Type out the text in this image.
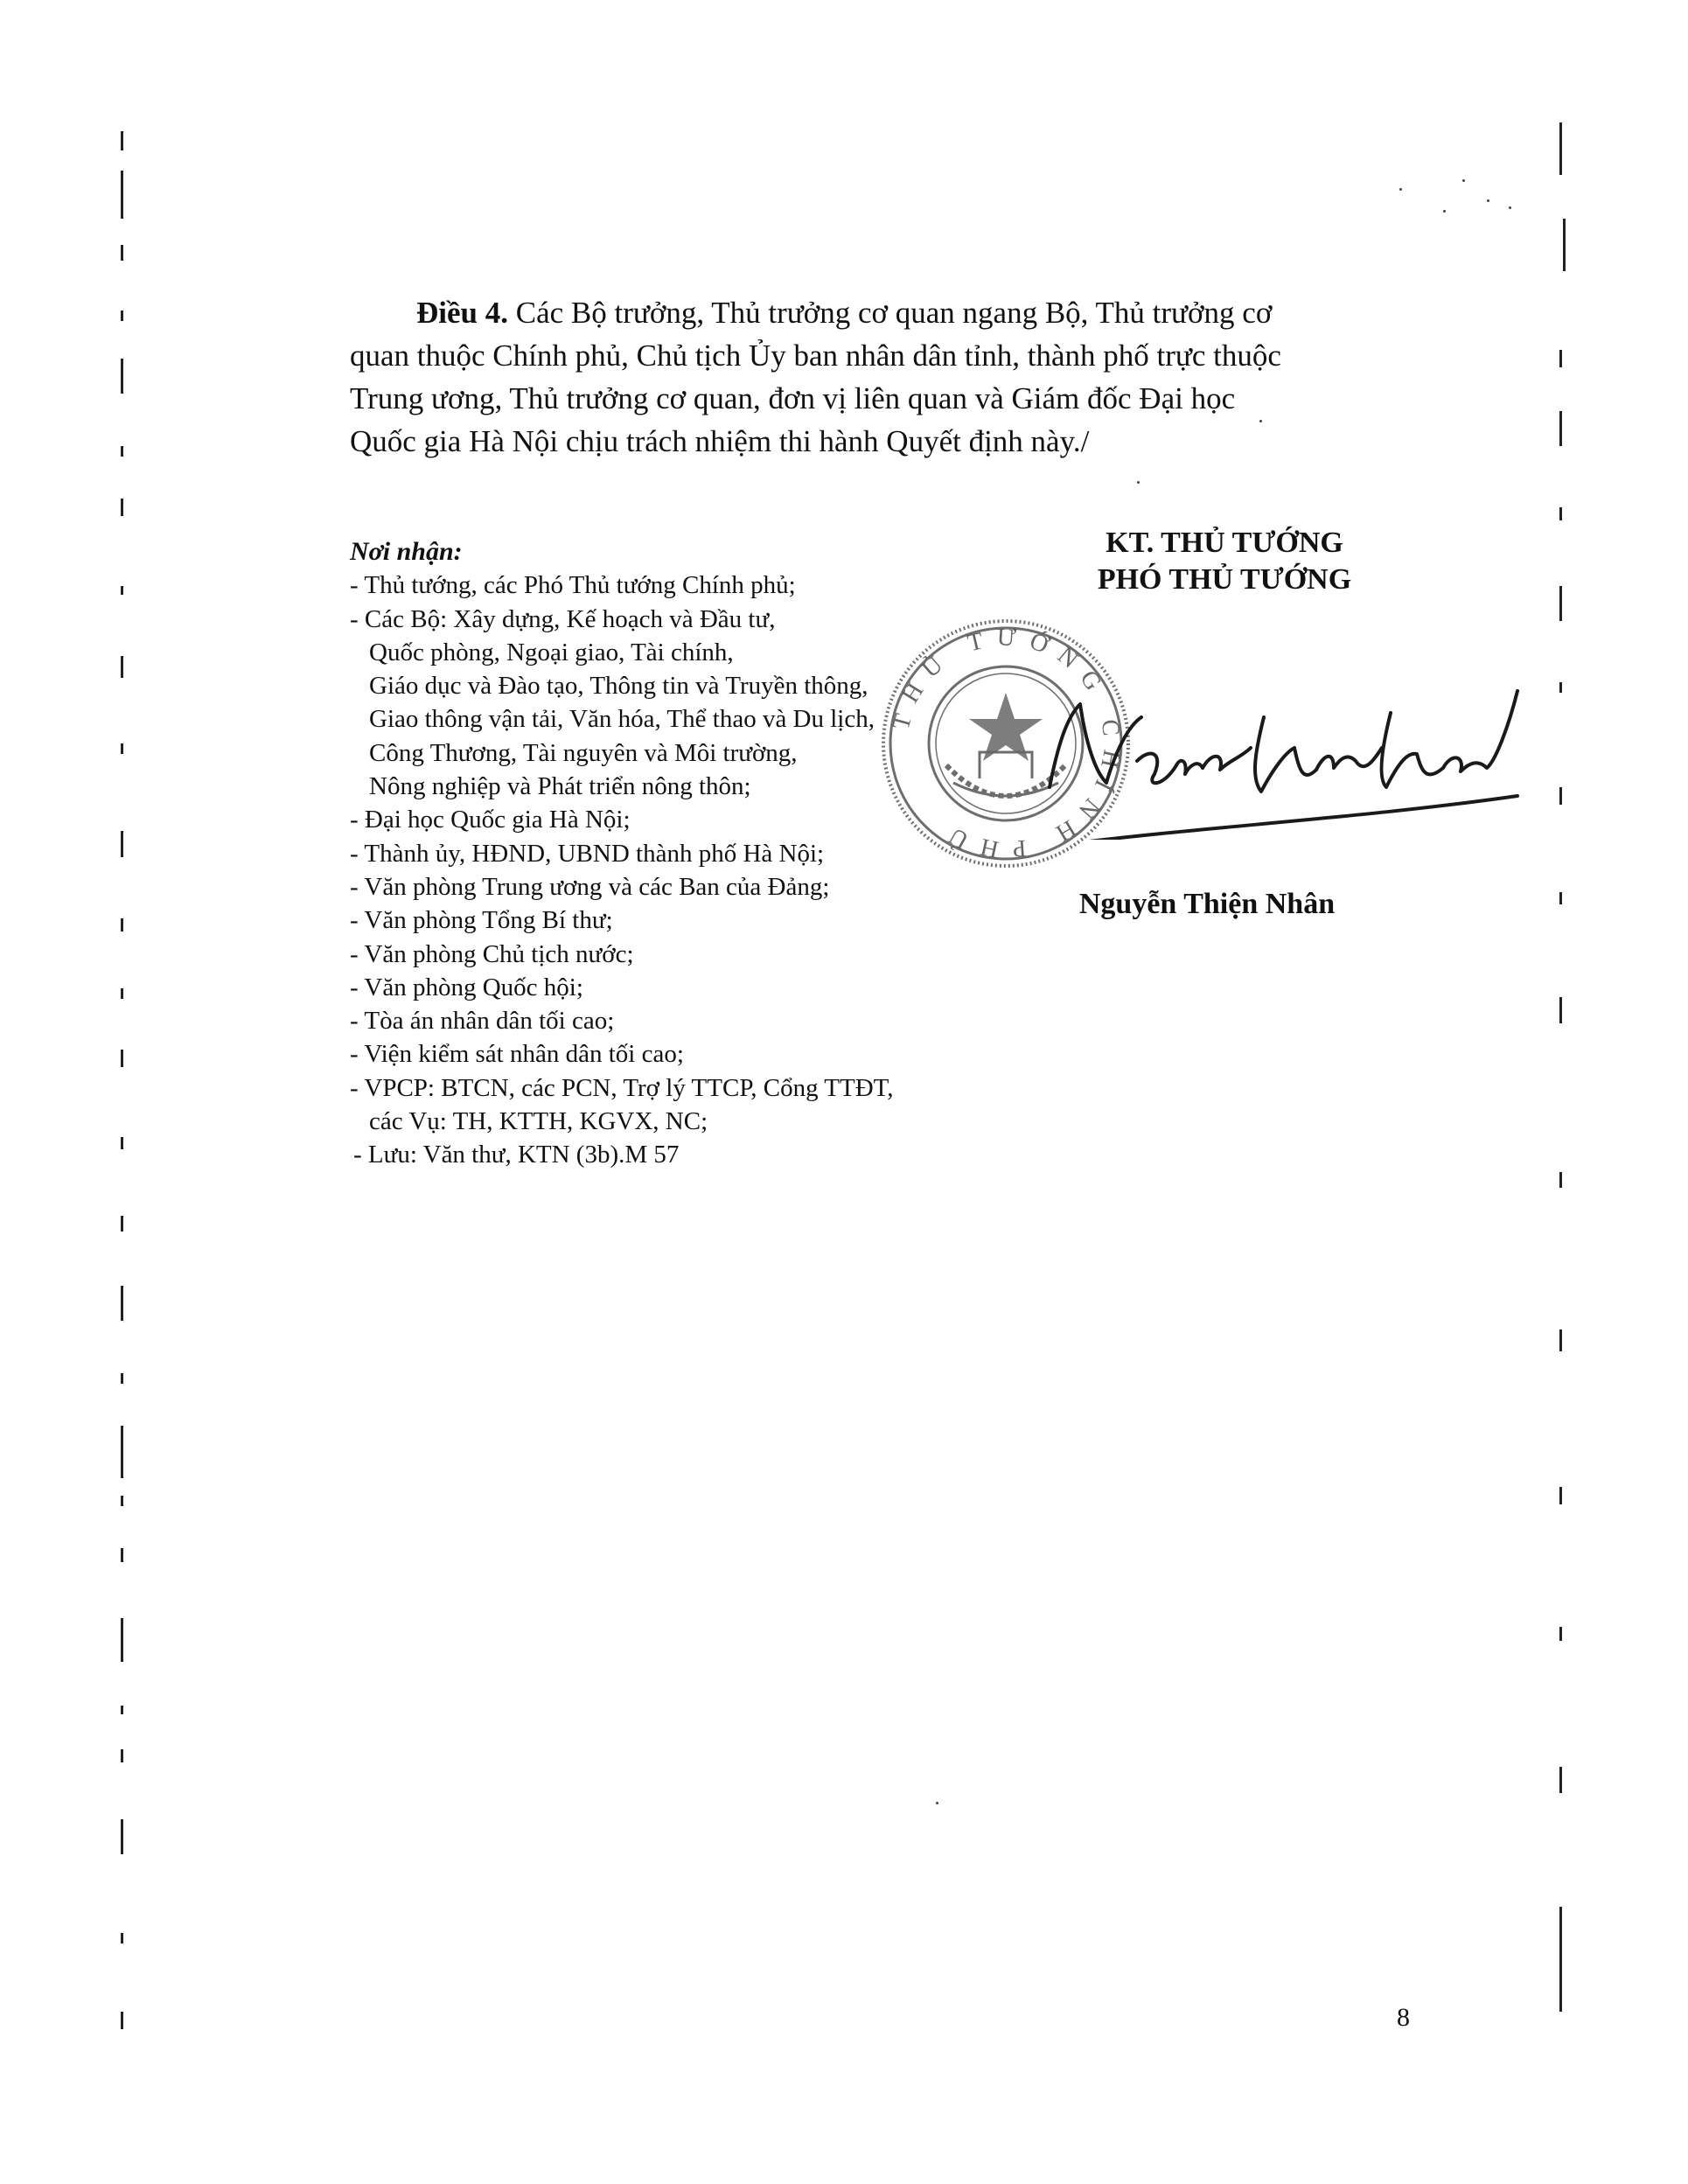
Điều 4. Các Bộ trưởng, Thủ trưởng cơ quan ngang Bộ, Thủ trưởng cơ
quan thuộc Chính phủ, Chủ tịch Ủy ban nhân dân tỉnh, thành phố trực thuộc
Trung ương, Thủ trưởng cơ quan, đơn vị liên quan và Giám đốc Đại học
Quốc gia Hà Nội chịu trách nhiệm thi hành Quyết định này./
KT. THỦ TƯỚNG
PHÓ THỦ TƯỚNG
Nơi nhận:
- Thủ tướng, các Phó Thủ tướng Chính phủ;
- Các Bộ: Xây dựng, Kế hoạch và Đầu tư,
Quốc phòng, Ngoại giao, Tài chính,
Giáo dục và Đào tạo, Thông tin và Truyền thông,
Giao thông vận tải, Văn hóa, Thể thao và Du lịch,
Công Thương, Tài nguyên và Môi trường,
Nông nghiệp và Phát triển nông thôn;
- Đại học Quốc gia Hà Nội;
- Thành ủy, HĐND, UBND thành phố Hà Nội;
- Văn phòng Trung ương và các Ban của Đảng;
- Văn phòng Tổng Bí thư;
- Văn phòng Chủ tịch nước;
- Văn phòng Quốc hội;
- Tòa án nhân dân tối cao;
- Viện kiểm sát nhân dân tối cao;
- VPCP: BTCN, các PCN, Trợ lý TTCP, Cổng TTĐT,
các Vụ: TH, KTTH, KGVX, NC;
- Lưu: Văn thư, KTN (3b).M 57
THỦ TƯỚNG CHÍNH PHỦ
Nguyễn Thiện Nhân
Nguyễn Thiện Nhân
8
